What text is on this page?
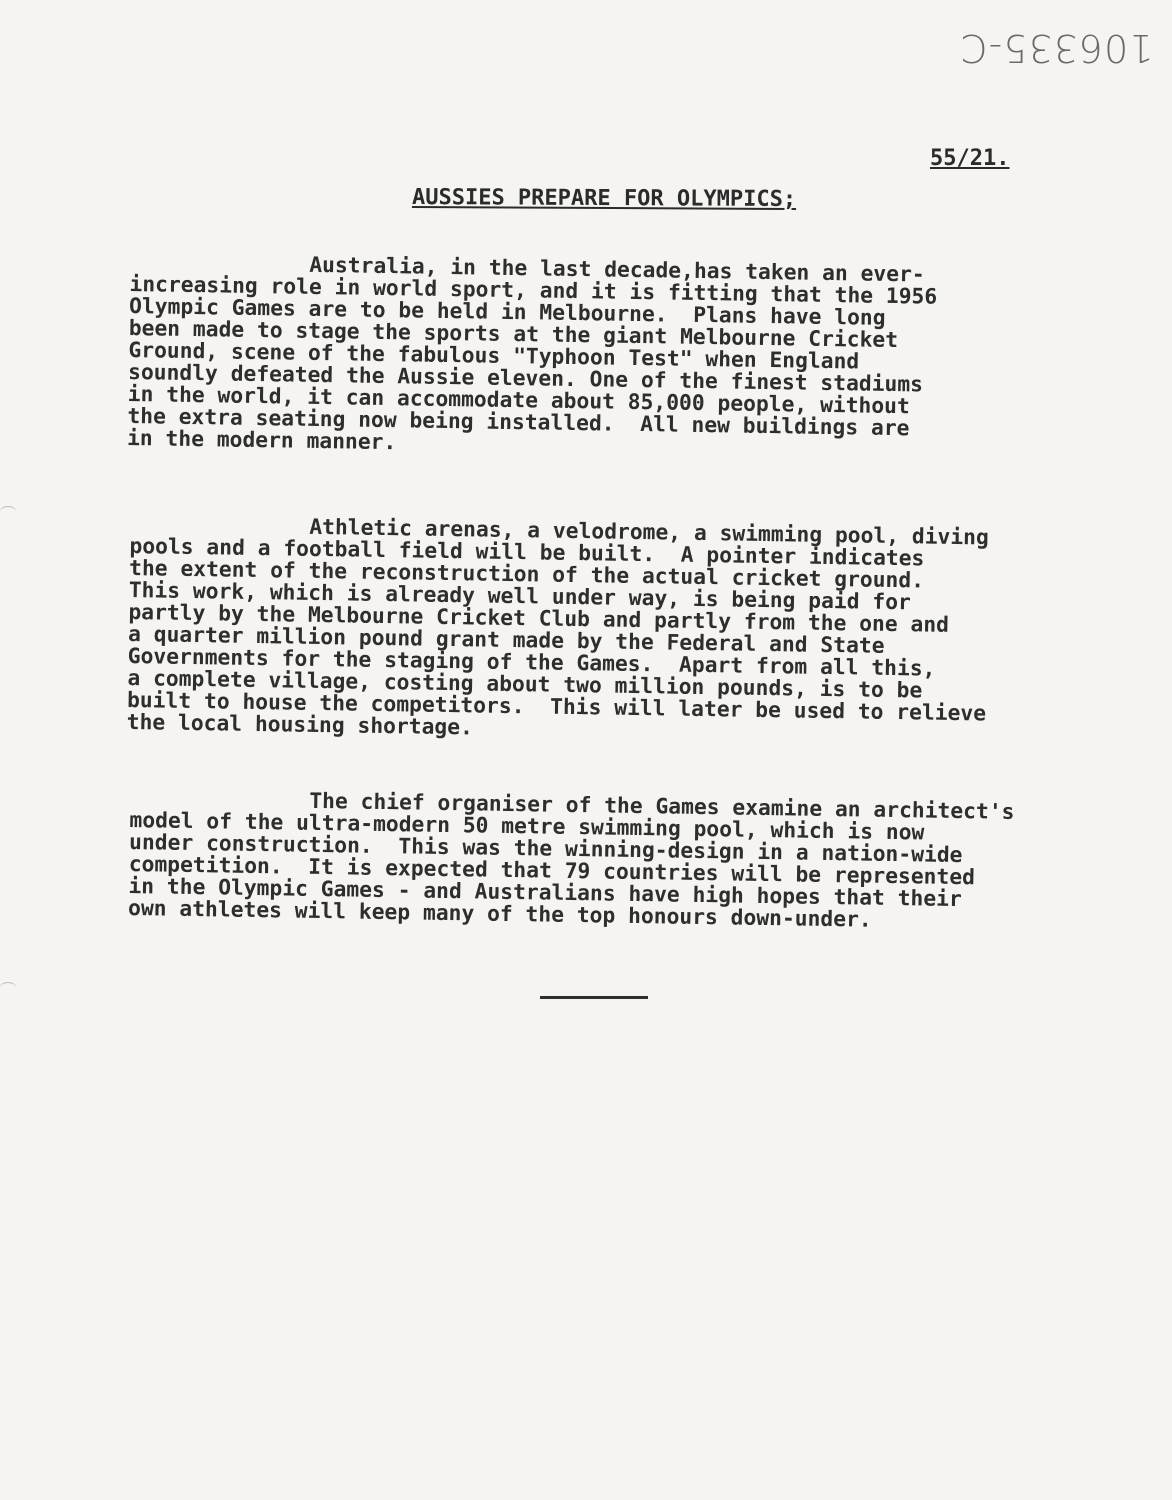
106335-C
55/21.
AUSSIES PREPARE FOR OLYMPICS;
Australia, in the last decade,has taken an ever-
increasing role in world sport, and it is fitting that the 1956
Olympic Games are to be held in Melbourne.  Plans have long
been made to stage the sports at the giant Melbourne Cricket
Ground, scene of the fabulous "Typhoon Test" when England
soundly defeated the Aussie eleven. One of the finest stadiums
in the world, it can accommodate about 85,000 people, without
the extra seating now being installed.  All new buildings are
in the modern manner.
Athletic arenas, a velodrome, a swimming pool, diving
pools and a football field will be built.  A pointer indicates
the extent of the reconstruction of the actual cricket ground.
This work, which is already well under way, is being paid for
partly by the Melbourne Cricket Club and partly from the one and
a quarter million pound grant made by the Federal and State
Governments for the staging of the Games.  Apart from all this,
a complete village, costing about two million pounds, is to be
built to house the competitors.  This will later be used to relieve
the local housing shortage.
The chief organiser of the Games examine an architect's
model of the ultra-modern 50 metre swimming pool, which is now
under construction.  This was the winning-design in a nation-wide
competition.  It is expected that 79 countries will be represented
in the Olympic Games - and Australians have high hopes that their
own athletes will keep many of the top honours down-under.
